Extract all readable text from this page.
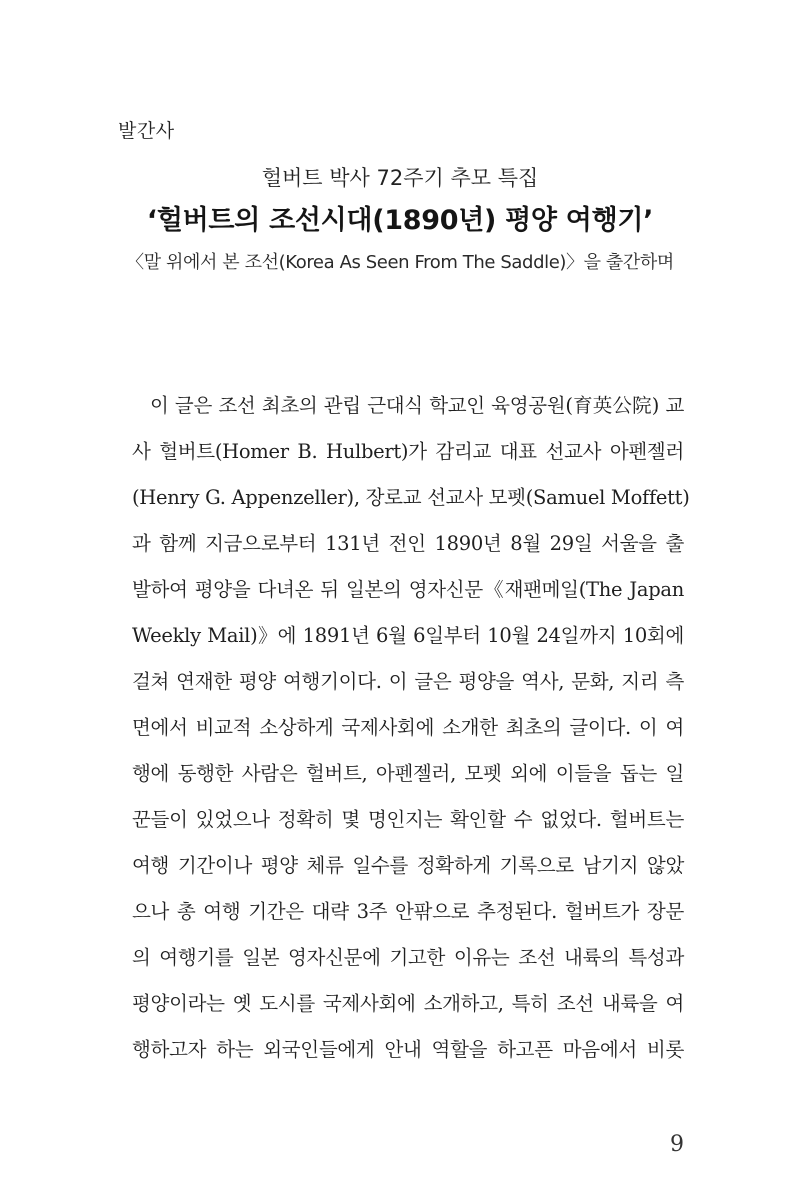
발간사

헐버트 박사 72주기 추모 특집

‘헐버트의 조선시대(1890년) 평양 여행기’

〈말 위에서 본 조선(Korea As Seen From The Saddle)〉을 출간하며

이 글은 조선 최초의 관립 근대식 학교인 육영공원(育英公院) 교
사 헐버트(Homer B. Hulbert)가 감리교 대표 선교사 아펜젤러
(Henry G. Appenzeller), 장로교 선교사 모펫(Samuel Moffett)
과 함께 지금으로부터 131년 전인 1890년 8월 29일 서울을 출
발하여 평양을 다녀온 뒤 일본의 영자신문《재팬메일(The Japan
Weekly Mail)》에 1891년 6월 6일부터 10월 24일까지 10회에
걸쳐 연재한 평양 여행기이다. 이 글은 평양을 역사, 문화, 지리 측
면에서 비교적 소상하게 국제사회에 소개한 최초의 글이다. 이 여
행에 동행한 사람은 헐버트, 아펜젤러, 모펫 외에 이들을 돕는 일
꾼들이 있었으나 정확히 몇 명인지는 확인할 수 없었다. 헐버트는
여행 기간이나 평양 체류 일수를 정확하게 기록으로 남기지 않았
으나 총 여행 기간은 대략 3주 안팎으로 추정된다. 헐버트가 장문
의 여행기를 일본 영자신문에 기고한 이유는 조선 내륙의 특성과
평양이라는 옛 도시를 국제사회에 소개하고, 특히 조선 내륙을 여
행하고자 하는 외국인들에게 안내 역할을 하고픈 마음에서 비롯
9
